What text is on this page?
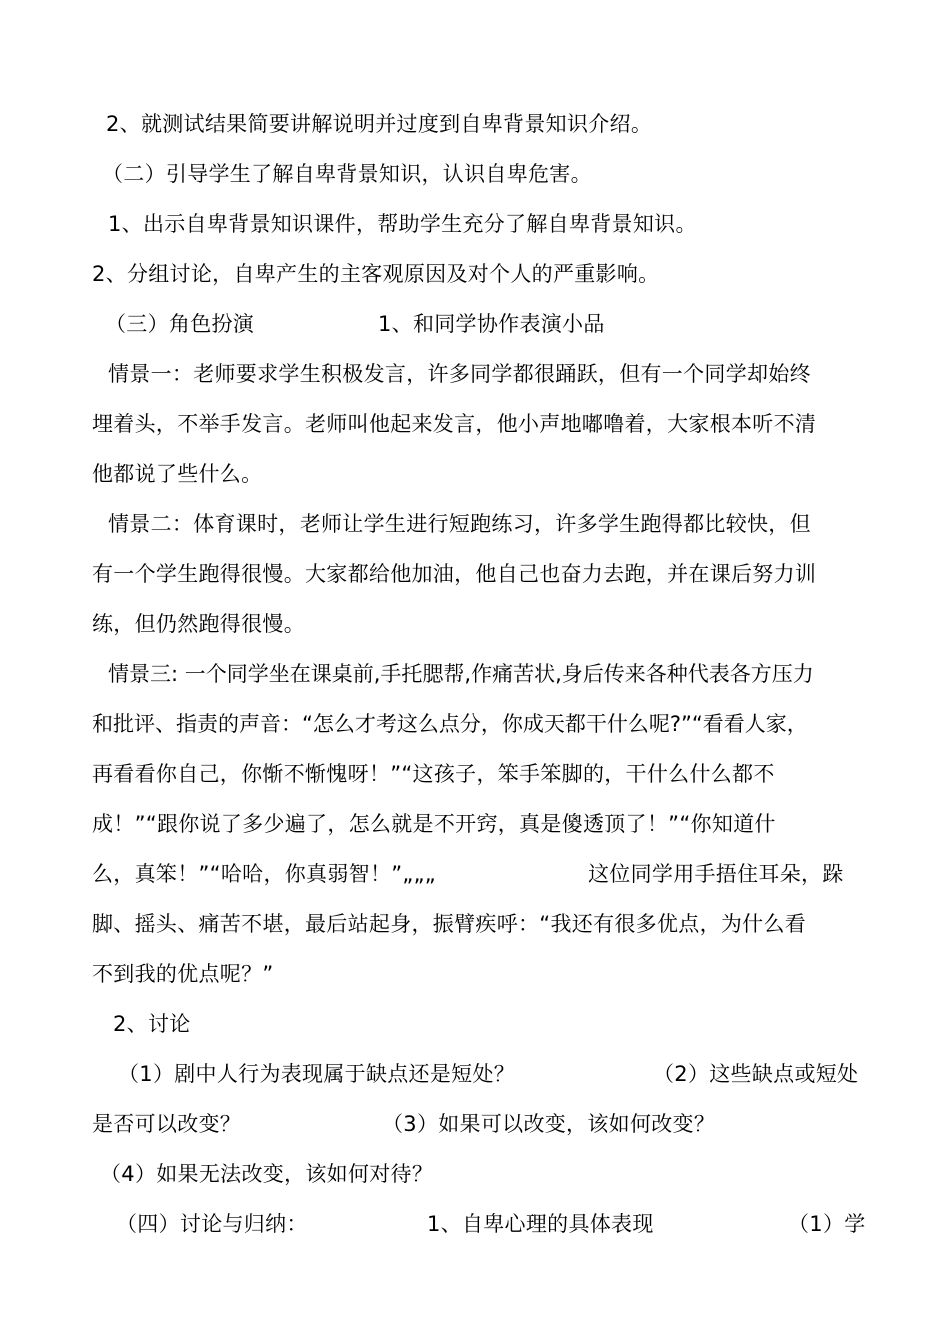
2、就测试结果简要讲解说明并过度到自卑背景知识介绍。
（二）引导学生了解自卑背景知识，认识自卑危害。
1、出示自卑背景知识课件，帮助学生充分了解自卑背景知识。
2、分组讨论，自卑产生的主客观原因及对个人的严重影响。
（三）角色扮演	1、和同学协作表演小品
情景一：老师要求学生积极发言，许多同学都很踊跃，但有一个同学却始终
埋着头，不举手发言。老师叫他起来发言，他小声地嘟噜着，大家根本听不清
他都说了些什么。
情景二：体育课时，老师让学生进行短跑练习，许多学生跑得都比较快，但
有一个学生跑得很慢。大家都给他加油，他自己也奋力去跑，并在课后努力训
练，但仍然跑得很慢。
情景三: 一个同学坐在课桌前,手托腮帮,作痛苦状,身后传来各种代表各方压力
和批评、指责的声音：“怎么才考这么点分，你成天都干什么呢?”“看看人家，
再看看你自己，你惭不惭愧呀！”“这孩子，笨手笨脚的，干什么什么都不
成！”“跟你说了多少遍了，怎么就是不开窍，真是傻透顶了！”“你知道什
么，真笨！”“哈哈，你真弱智！”„„„	这位同学用手捂住耳朵，跺
脚、摇头、痛苦不堪，最后站起身，振臂疾呼：“我还有很多优点，为什么看
不到我的优点呢？”
2、讨论
（1）剧中人行为表现属于缺点还是短处？	（2）这些缺点或短处
是否可以改变？	（3）如果可以改变，该如何改变？
（4）如果无法改变，该如何对待？
（四）讨论与归纳：	1、自卑心理的具体表现	（1）学
